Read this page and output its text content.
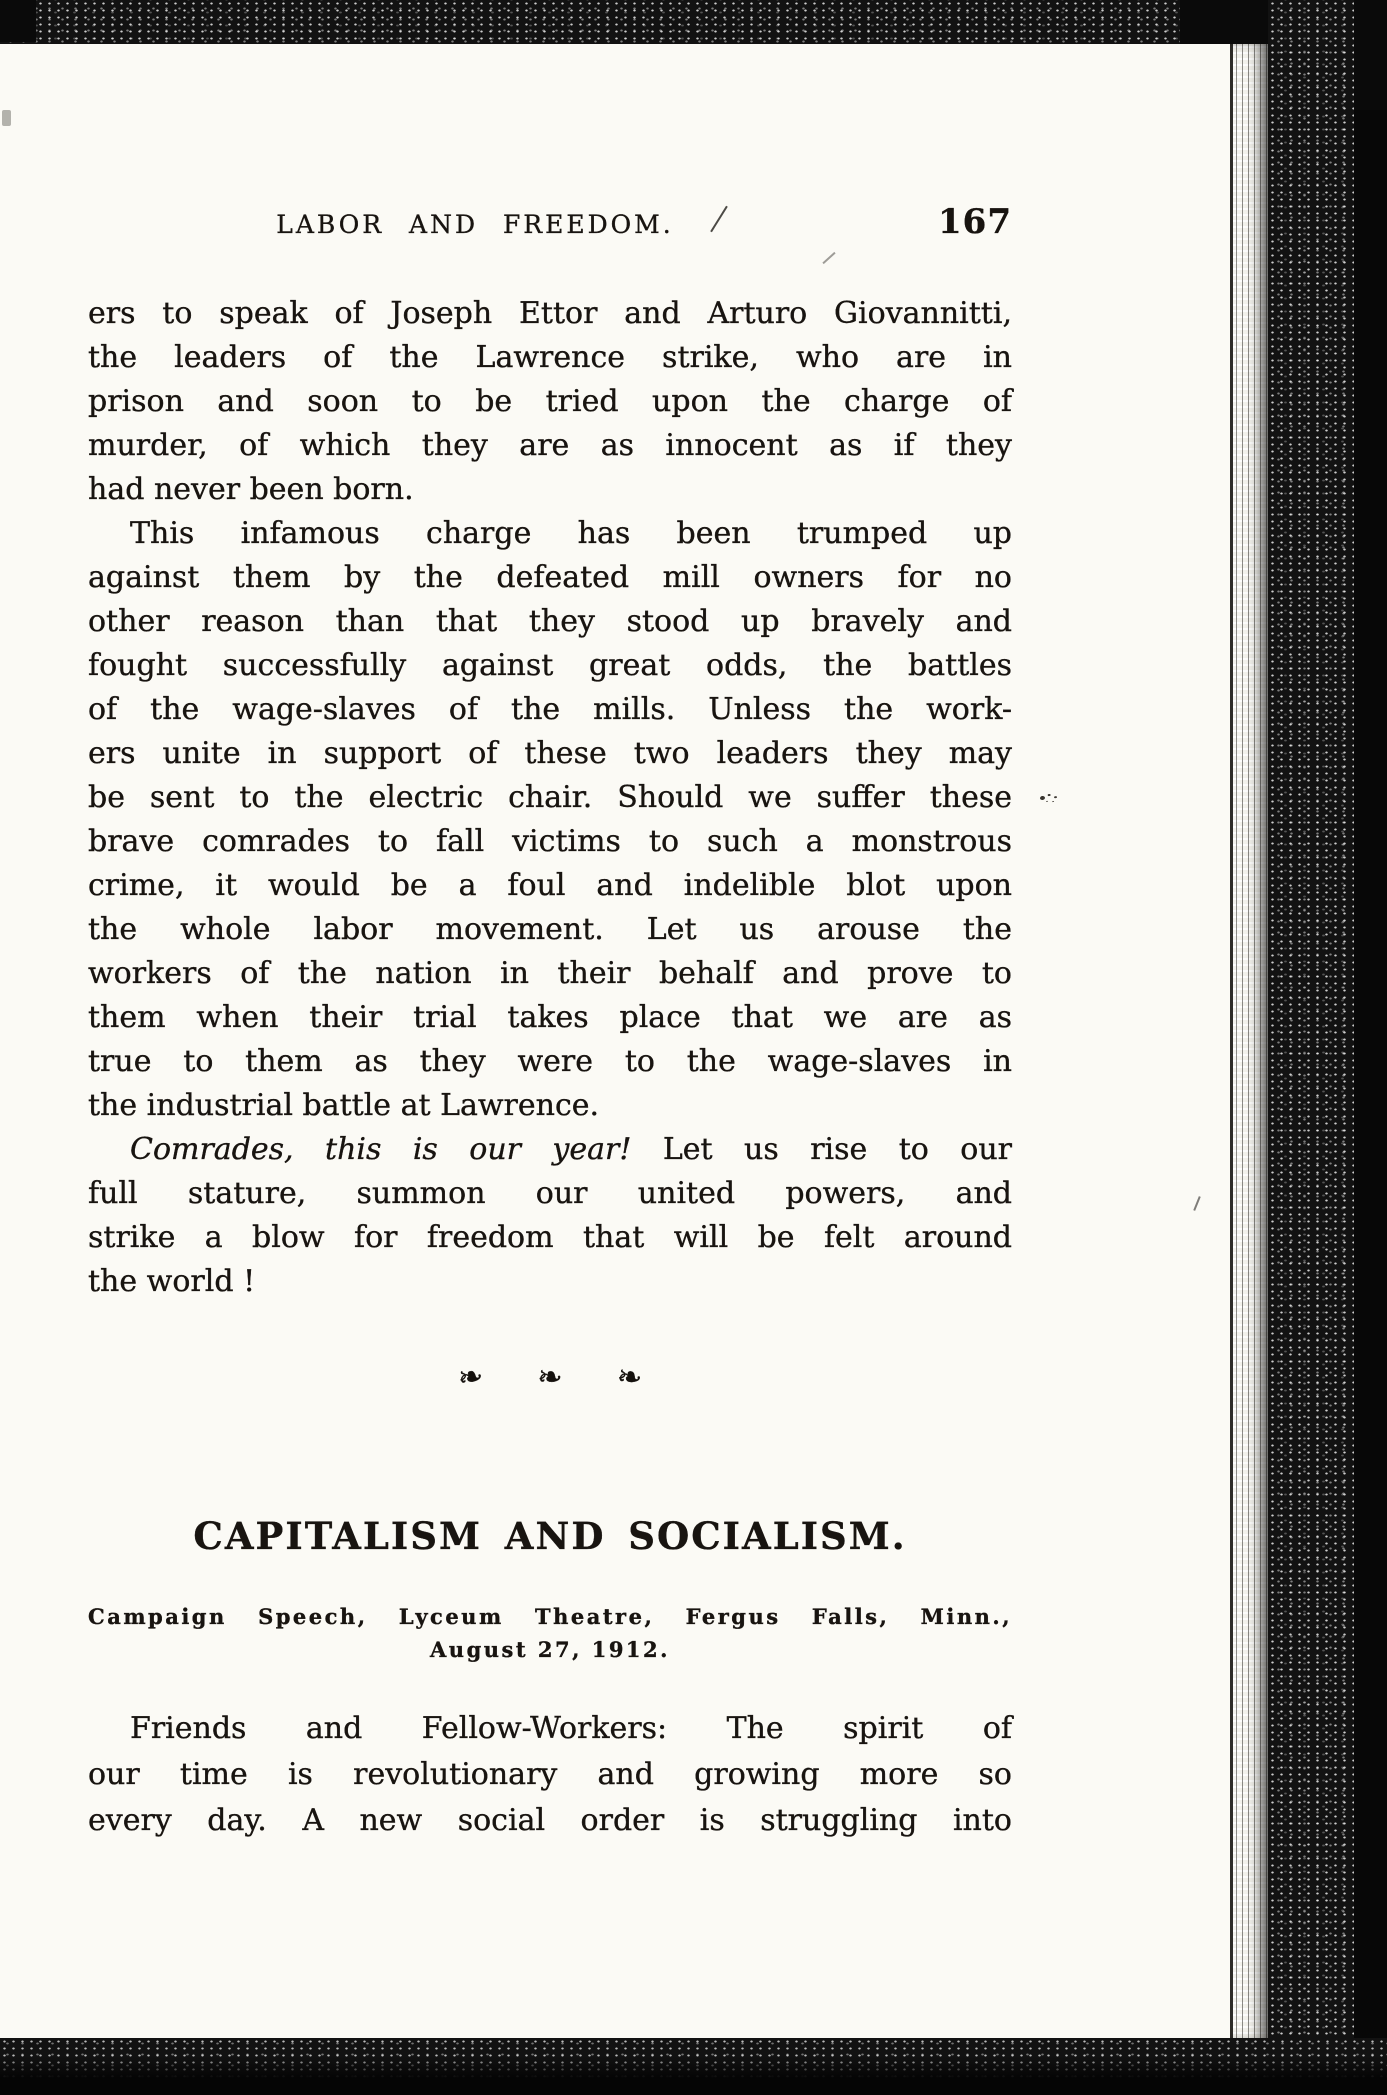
LABOR AND FREEDOM.	167
ers to speak of Joseph Ettor and Arturo Giovannitti,
the leaders of the Lawrence strike, who are in
prison and soon to be tried upon the charge of
murder, of which they are as innocent as if they
had never been born.
This infamous charge has been trumped up
against them by the defeated mill owners for no
other reason than that they stood up bravely and
fought successfully against great odds, the battles
of the wage-slaves of the mills. Unless the work-
ers unite in support of these two leaders they may
be sent to the electric chair. Should we suffer these
brave comrades to fall victims to such a monstrous
crime, it would be a foul and indelible blot upon
the whole labor movement. Let us arouse the
workers of the nation in their behalf and prove to
them when their trial takes place that we are as
true to them as they were to the wage-slaves in
the industrial battle at Lawrence.
Comrades, this is our year! Let us rise to our
full stature, summon our united powers, and
strike a blow for freedom that will be felt around
the world !
❧ ❧ ❧
CAPITALISM AND SOCIALISM.
Campaign Speech, Lyceum Theatre, Fergus Falls, Minn.,
August 27, 1912.
Friends and Fellow-Workers: The spirit of
our time is revolutionary and growing more so
every day. A new social order is struggling into
